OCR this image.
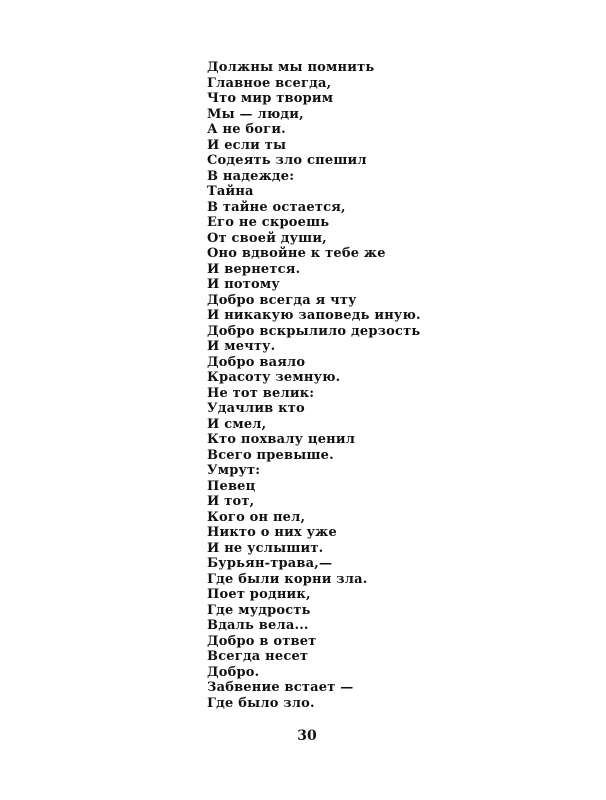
Должны мы помнить
Главное всегда,
Что мир творим
Мы — люди,
А не боги.
И если ты
Содеять зло спешил
В надежде:
Тайна
В тайне остается,
Его не скроешь
От своей души,
Оно вдвойне к тебе же
И вернется.
И потому
Добро всегда я чту
И никакую заповедь иную.
Добро вскрылило дерзость
И мечту.
Добро ваяло
Красоту земную.
Не тот велик:
Удачлив кто
И смел,
Кто похвалу ценил
Всего превыше.
Умрут:
Певец
И тот,
Кого он пел,
Никто о них уже
И не услышит.
Бурьян-трава,—
Где были корни зла.
Поет родник,
Где мудрость
Вдаль вела...
Добро в ответ
Всегда несет
Добро.
Забвение встает —
Где было зло.
30
